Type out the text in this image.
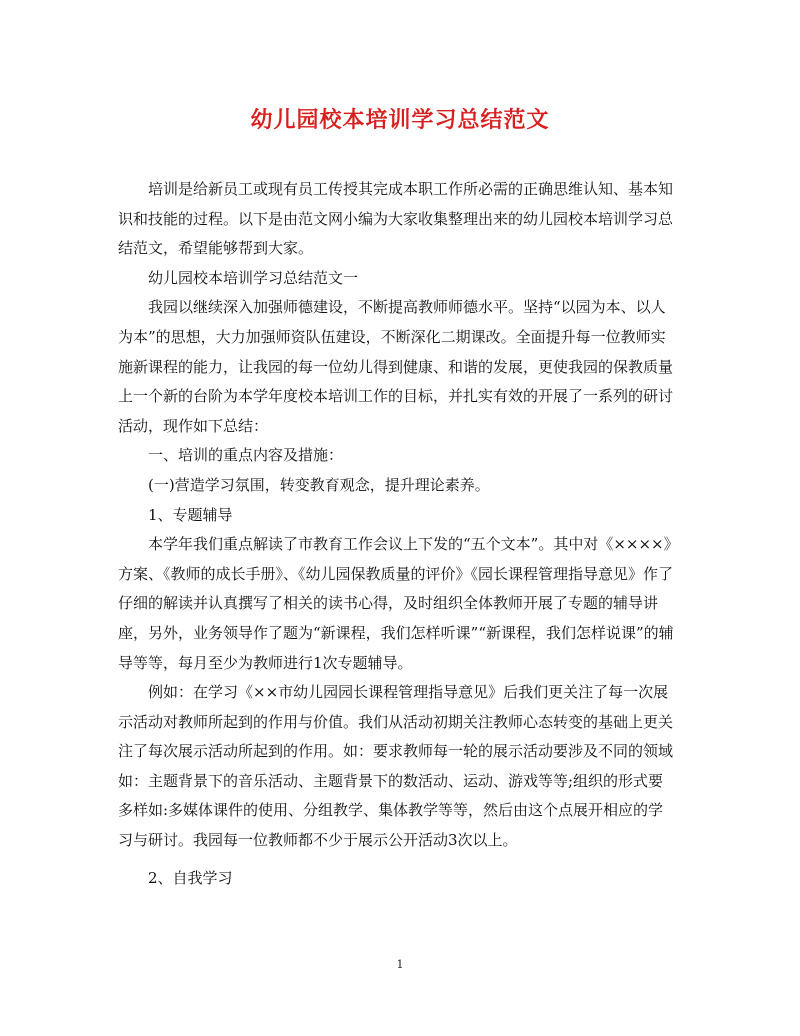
幼儿园校本培训学习总结范文

培训是给新员工或现有员工传授其完成本职工作所必需的正确思维认知、基本知识和技能的过程。以下是由范文网小编为大家收集整理出来的幼儿园校本培训学习总结范文，希望能够帮到大家。

幼儿园校本培训学习总结范文一

我园以继续深入加强师德建设，不断提高教师师德水平。坚持“以园为本、以人为本”的思想，大力加强师资队伍建设，不断深化二期课改。全面提升每一位教师实施新课程的能力，让我园的每一位幼儿得到健康、和谐的发展，更使我园的保教质量上一个新的台阶为本学年度校本培训工作的目标，并扎实有效的开展了一系列的研讨活动，现作如下总结：

一、培训的重点内容及措施：

(一)营造学习氛围，转变教育观念，提升理论素养。

1、专题辅导

本学年我们重点解读了市教育工作会议上下发的“五个文本”。其中对《××××》方案、《教师的成长手册》、《幼儿园保教质量的评价》《园长课程管理指导意见》作了仔细的解读并认真撰写了相关的读书心得，及时组织全体教师开展了专题的辅导讲座，另外，业务领导作了题为“新课程，我们怎样听课”“新课程，我们怎样说课”的辅导等等，每月至少为教师进行1次专题辅导。

例如：在学习《××市幼儿园园长课程管理指导意见》后我们更关注了每一次展示活动对教师所起到的作用与价值。我们从活动初期关注教师心态转变的基础上更关注了每次展示活动所起到的作用。如：要求教师每一轮的展示活动要涉及不同的领域如：主题背景下的音乐活动、主题背景下的数活动、运动、游戏等等;组织的形式要多样如:多媒体课件的使用、分组教学、集体教学等等，然后由这个点展开相应的学习与研讨。我园每一位教师都不少于展示公开活动3次以上。

2、自我学习

1
